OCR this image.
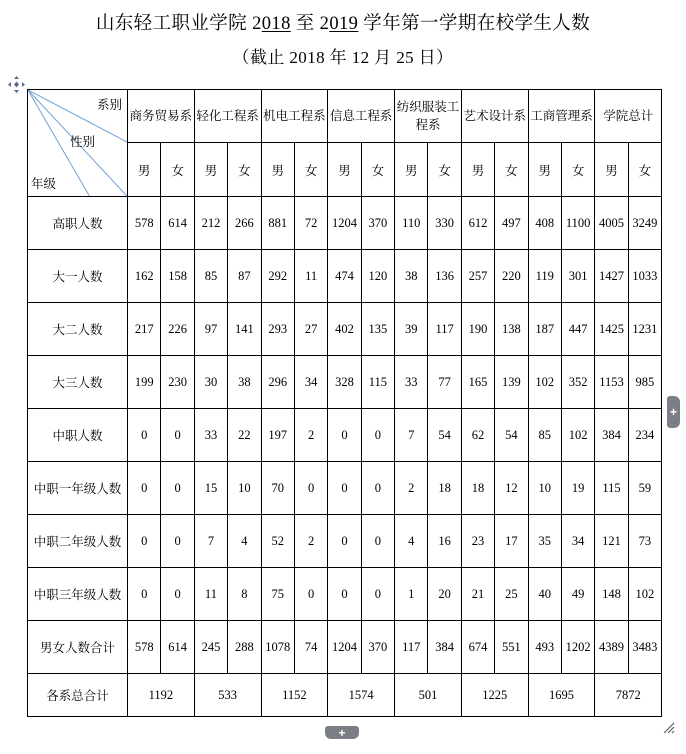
山东轻工职业学院 2018 至 2019 学年第一学期在校学生人数
（截止 2018 年 12 月 25 日）
系别
性别
年级	商务贸易系		轻化工程系		机电工程系		信息工程系		纺织服装工程系		艺术设计系		工商管理系		学院总计	
	男	女	男	女	男	女	男	女	男	女	男	女	男	女	男	女
高职人数	578	614	212	266	881	72	1204	370	110	330	612	497	408	1100	4005	3249
大一人数	162	158	85	87	292	11	474	120	38	136	257	220	119	301	1427	1033
大二人数	217	226	97	141	293	27	402	135	39	117	190	138	187	447	1425	1231
大三人数	199	230	30	38	296	34	328	115	33	77	165	139	102	352	1153	985
中职人数	0	0	33	22	197	2	0	0	7	54	62	54	85	102	384	234
中职一年级人数	0	0	15	10	70	0	0	0	2	18	18	12	10	19	115	59
中职二年级人数	0	0	7	4	52	2	0	0	4	16	23	17	35	34	121	73
中职三年级人数	0	0	11	8	75	0	0	0	1	20	21	25	40	49	148	102
男女人数合计	578	614	245	288	1078	74	1204	370	117	384	674	551	493	1202	4389	3483
各系总合计	1192		533		1152		1574		501		1225		1695		7872	
+
+
